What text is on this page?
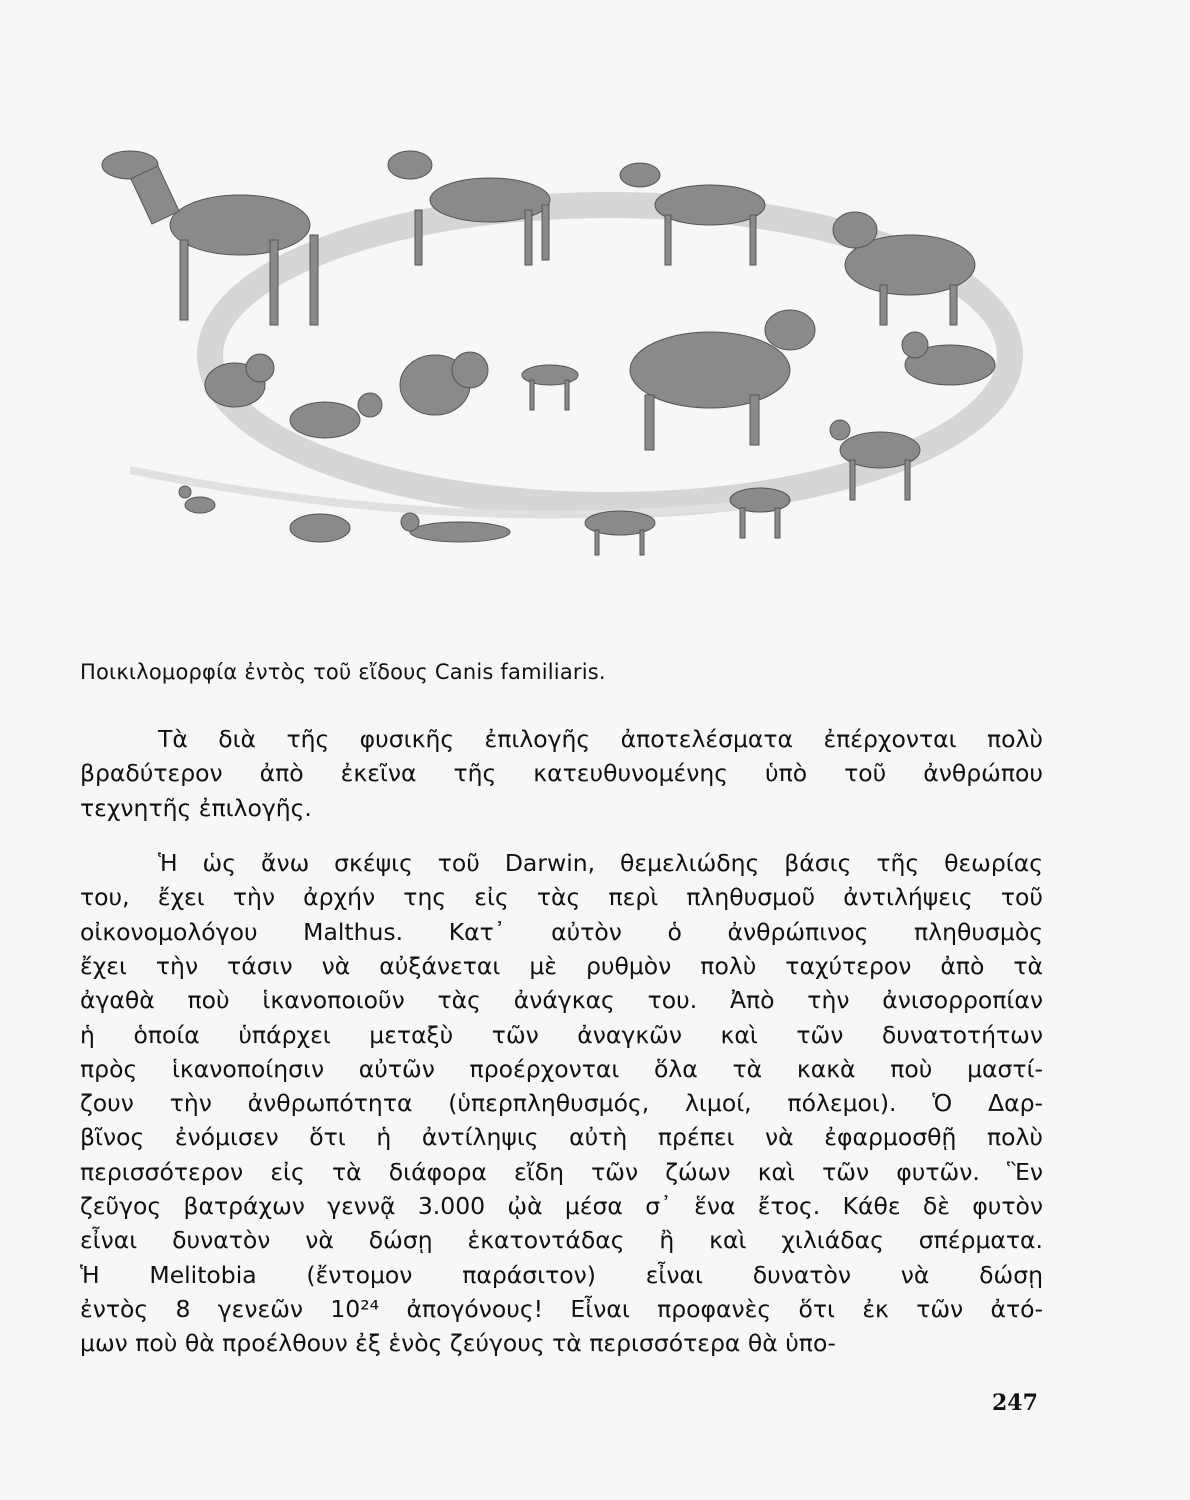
Ποικιλομορφία ἐντὸς τοῦ εἴδους Canis familiaris.
Τὰ διὰ τῆς φυσικῆς ἐπιλογῆς ἀποτελέσματα ἐπέρχονται πολὺ
βραδύτερον ἀπὸ ἐκεῖνα τῆς κατευθυνομένης ὑπὸ τοῦ ἀνθρώπου
τεχνητῆς ἐπιλογῆς.
Ἡ ὡς ἄνω σκέψις τοῦ Darwin, θεμελιώδης βάσις τῆς θεωρίας
του, ἔχει τὴν ἀρχήν της εἰς τὰς περὶ πληθυσμοῦ ἀντιλήψεις τοῦ
οἰκονομολόγου Malthus. Κατ᾽ αὐτὸν ὁ ἀνθρώπινος πληθυσμὸς
ἔχει τὴν τάσιν νὰ αὐξάνεται μὲ ρυθμὸν πολὺ ταχύτερον ἀπὸ τὰ
ἀγαθὰ ποὺ ἱκανοποιοῦν τὰς ἀνάγκας του. Ἀπὸ τὴν ἀνισορροπίαν
ἡ ὁποία ὑπάρχει μεταξὺ τῶν ἀναγκῶν καὶ τῶν δυνατοτήτων
πρὸς ἱκανοποίησιν αὐτῶν προέρχονται ὅλα τὰ κακὰ ποὺ μαστί-
ζουν τὴν ἀνθρωπότητα (ὑπερπληθυσμός, λιμοί, πόλεμοι). Ὁ Δαρ-
βῖνος ἐνόμισεν ὅτι ἡ ἀντίληψις αὐτὴ πρέπει νὰ ἐφαρμοσθῇ πολὺ
περισσότερον εἰς τὰ διάφορα εἴδη τῶν ζώων καὶ τῶν φυτῶν. Ἓν
ζεῦγος βατράχων γεννᾷ 3.000 ᾠὰ μέσα σ᾽ ἕνα ἔτος. Κάθε δὲ φυτὸν
εἶναι δυνατὸν νὰ δώσῃ ἑκατοντάδας ἢ καὶ χιλιάδας σπέρματα.
Ἡ Melitobia (ἔντομον παράσιτον) εἶναι δυνατὸν νὰ δώσῃ
ἐντὸς 8 γενεῶν 10²⁴ ἀπογόνους! Εἶναι προφανὲς ὅτι ἐκ τῶν ἀτό-
μων ποὺ θὰ προέλθουν ἐξ ἑνὸς ζεύγους τὰ περισσότερα θὰ ὑπο-
247
